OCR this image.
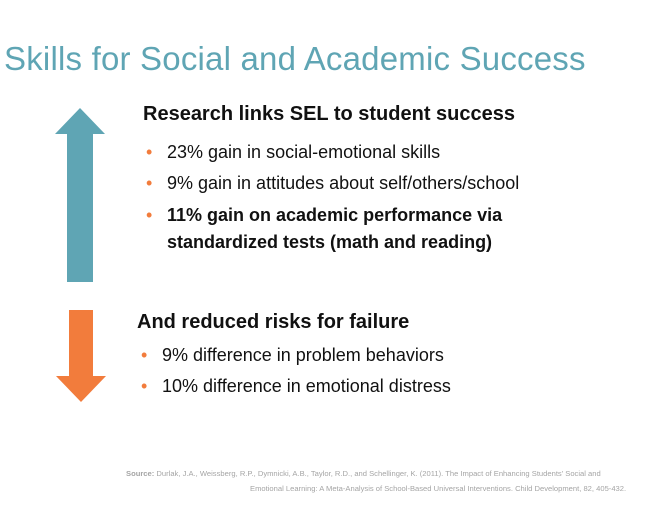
Skills for Social and Academic Success
Research links SEL to student success
• 23% gain in social-emotional skills
• 9% gain in attitudes about self/others/school
• 11% gain on academic performance via
standardized tests (math and reading)
And reduced risks for failure
• 9% difference in problem behaviors
• 10% difference in emotional distress
Source: Durlak, J.A., Weissberg, R.P., Dymnicki, A.B., Taylor, R.D., and Schellinger, K. (2011). The Impact of Enhancing Students’ Social and
Emotional Learning: A Meta-Analysis of School-Based Universal Interventions. Child Development, 82, 405-432.
